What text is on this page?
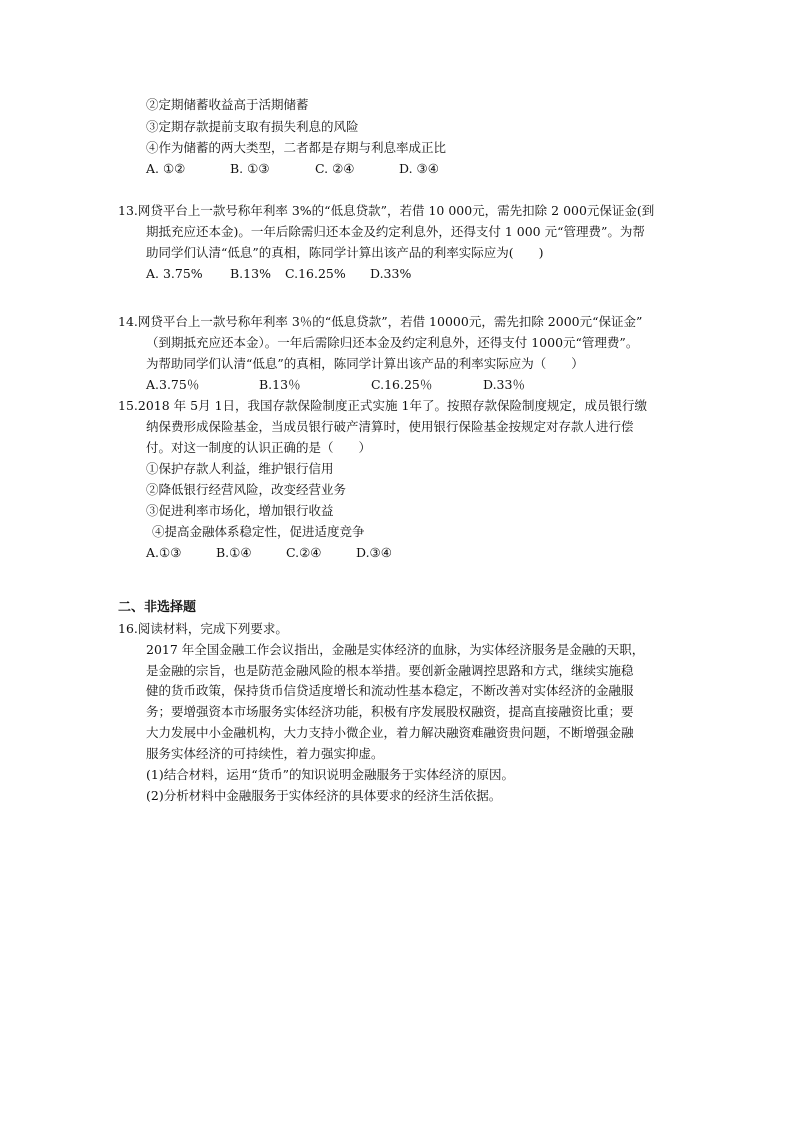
②定期储蓄收益高于活期储蓄
③定期存款提前支取有损失利息的风险
④作为储蓄的两大类型，二者都是存期与利息率成正比
A. ①②	B. ①③	C. ②④	D. ③④
13.网贷平台上一款号称年利率 3%的“低息贷款”，若借 10 000元，需先扣除 2 000元保证金(到
期抵充应还本金)。一年后除需归还本金及约定利息外，还得支付 1 000 元“管理费”。为帮
助同学们认清“低息”的真相，陈同学计算出该产品的利率实际应为(　　)
A. 3.75% B.13% C.16.25% D.33%
14.网贷平台上一款号称年利率 3％的“低息贷款”，若借 10000元，需先扣除 2000元“保证金”
（到期抵充应还本金）。一年后需除归还本金及约定利息外，还得支付 1000元“管理费”。
为帮助同学们认清“低息”的真相，陈同学计算出该产品的利率实际应为（　　）
A.3.75％	B.13％	C.16.25％	D.33％
15.2018 年 5月 1日，我国存款保险制度正式实施 1年了。按照存款保险制度规定，成员银行缴
纳保费形成保险基金，当成员银行破产清算时，使用银行保险基金按规定对存款人进行偿
付。对这一制度的认识正确的是（　　）
①保护存款人利益，维护银行信用
②降低银行经营风险，改变经营业务
③促进利率市场化，增加银行收益
④提高金融体系稳定性，促进适度竞争
A.①③	B.①④	C.②④	D.③④
二、非选择题
16.阅读材料，完成下列要求。
2017 年全国金融工作会议指出，金融是实体经济的血脉，为实体经济服务是金融的天职，
是金融的宗旨，也是防范金融风险的根本举措。要创新金融调控思路和方式，继续实施稳
健的货币政策，保持货币信贷适度增长和流动性基本稳定，不断改善对实体经济的金融服
务；要增强资本市场服务实体经济功能，积极有序发展股权融资，提高直接融资比重；要
大力发展中小金融机构，大力支持小微企业，着力解决融资难融资贵问题，不断增强金融
服务实体经济的可持续性，着力强实抑虚。
(1)结合材料，运用“货币”的知识说明金融服务于实体经济的原因。
(2)分析材料中金融服务于实体经济的具体要求的经济生活依据。
